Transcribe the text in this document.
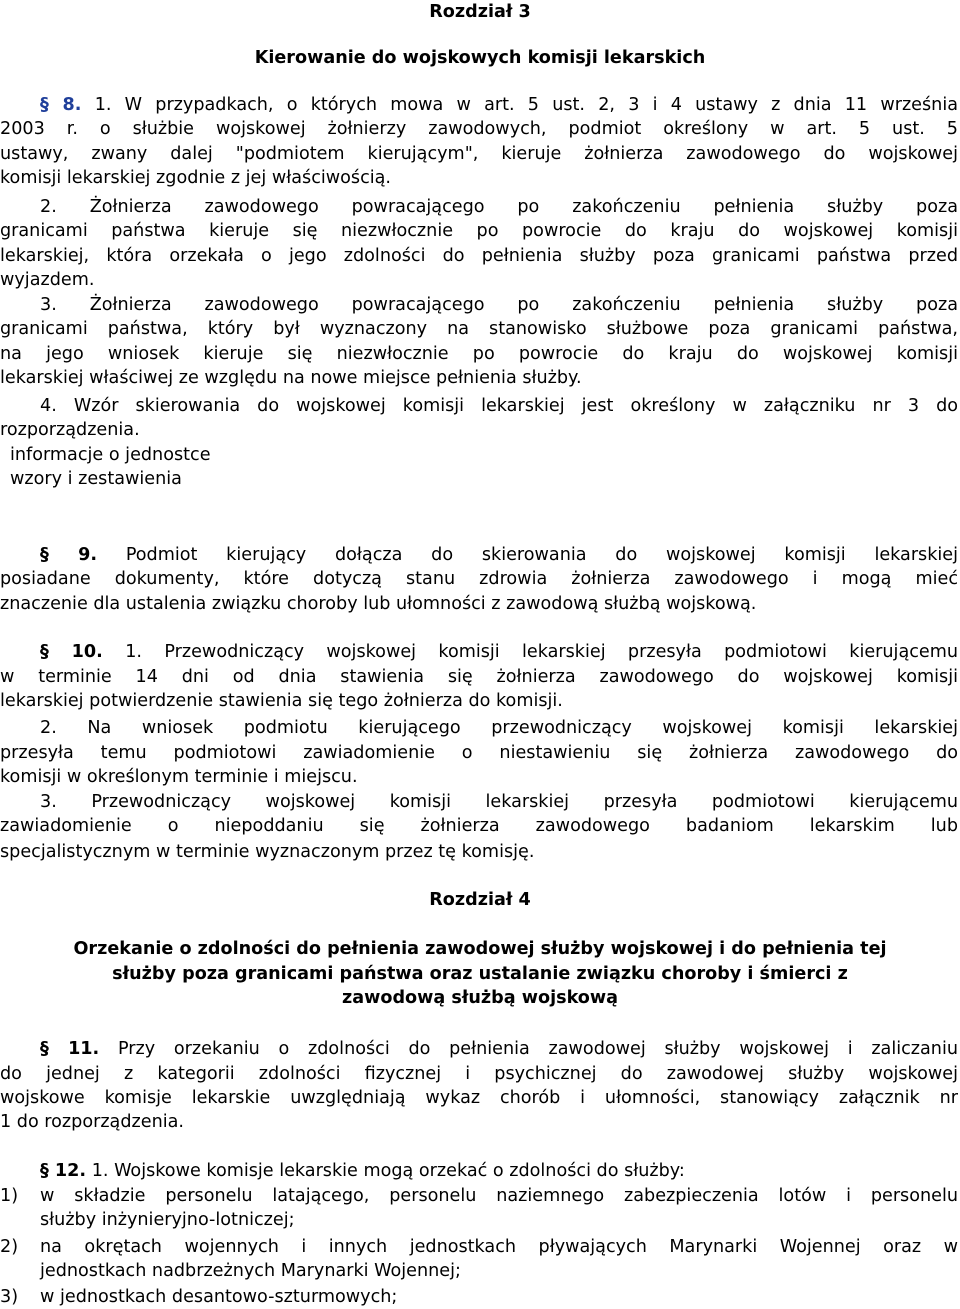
Rozdział 3
Kierowanie do wojskowych komisji lekarskich
§ 8. 1. W przypadkach, o których mowa w art. 5 ust. 2, 3 i 4 ustawy z dnia 11 września
2003 r. o służbie wojskowej żołnierzy zawodowych, podmiot określony w art. 5 ust. 5
ustawy, zwany dalej "podmiotem kierującym", kieruje żołnierza zawodowego do wojskowej
komisji lekarskiej zgodnie z jej właściwością.
2. Żołnierza zawodowego powracającego po zakończeniu pełnienia służby poza
granicami państwa kieruje się niezwłocznie po powrocie do kraju do wojskowej komisji
lekarskiej, która orzekała o jego zdolności do pełnienia służby poza granicami państwa przed
wyjazdem.
3. Żołnierza zawodowego powracającego po zakończeniu pełnienia służby poza
granicami państwa, który był wyznaczony na stanowisko służbowe poza granicami państwa,
na jego wniosek kieruje się niezwłocznie po powrocie do kraju do wojskowej komisji
lekarskiej właściwej ze względu na nowe miejsce pełnienia służby.
4. Wzór skierowania do wojskowej komisji lekarskiej jest określony w załączniku nr 3 do
rozporządzenia.
informacje o jednostce
wzory i zestawienia
§ 9. Podmiot kierujący dołącza do skierowania do wojskowej komisji lekarskiej
posiadane dokumenty, które dotyczą stanu zdrowia żołnierza zawodowego i mogą mieć
znaczenie dla ustalenia związku choroby lub ułomności z zawodową służbą wojskową.
§ 10. 1. Przewodniczący wojskowej komisji lekarskiej przesyła podmiotowi kierującemu
w terminie 14 dni od dnia stawienia się żołnierza zawodowego do wojskowej komisji
lekarskiej potwierdzenie stawienia się tego żołnierza do komisji.
2. Na wniosek podmiotu kierującego przewodniczący wojskowej komisji lekarskiej
przesyła temu podmiotowi zawiadomienie o niestawieniu się żołnierza zawodowego do
komisji w określonym terminie i miejscu.
3. Przewodniczący wojskowej komisji lekarskiej przesyła podmiotowi kierującemu
zawiadomienie o niepoddaniu się żołnierza zawodowego badaniom lekarskim lub
specjalistycznym w terminie wyznaczonym przez tę komisję.
Rozdział 4
Orzekanie o zdolności do pełnienia zawodowej służby wojskowej i do pełnienia tej
służby poza granicami państwa oraz ustalanie związku choroby i śmierci z
zawodową służbą wojskową
§ 11. Przy orzekaniu o zdolności do pełnienia zawodowej służby wojskowej i zaliczaniu
do jednej z kategorii zdolności fizycznej i psychicznej do zawodowej służby wojskowej
wojskowe komisje lekarskie uwzględniają wykaz chorób i ułomności, stanowiący załącznik nr
1 do rozporządzenia.
§ 12. 1. Wojskowe komisje lekarskie mogą orzekać o zdolności do służby:
1)	w składzie personelu latającego, personelu naziemnego zabezpieczenia lotów i personelu
służby inżynieryjno-lotniczej;
2)	na okrętach wojennych i innych jednostkach pływających Marynarki Wojennej oraz w
jednostkach nadbrzeżnych Marynarki Wojennej;
3)	w jednostkach desantowo-szturmowych;
